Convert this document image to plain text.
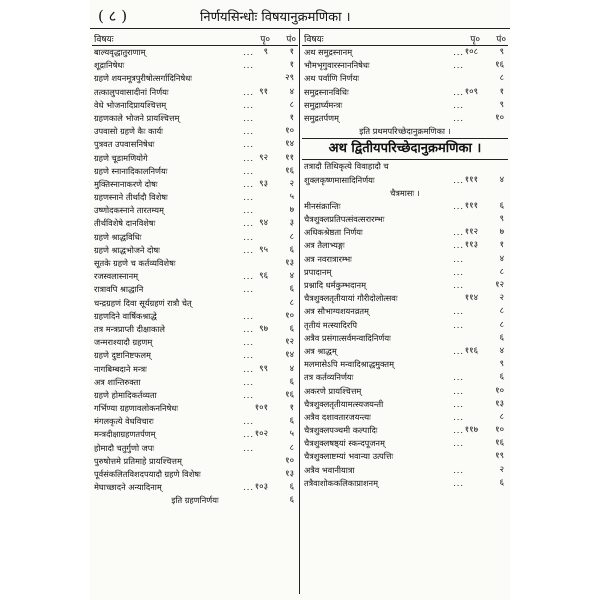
( ८ )	निर्णयसिन्धोः विषयानुक्रमणिका ।
विषयः	पृ० पं०
बाल्यवृद्धातुराणाम्	... ९	१
शूद्रानिषेधः	...	१
ग्रहणे शयनमूत्रपुरीषोत्सर्गादिनिषेधः	२९
तत्कालुपवासादीनां निर्णयः	... ९१	४
वेधे भोजनादिप्रायश्चित्तम्	...	८
ग्रहणकाले भोजने प्रायश्चित्तम्	...	१
उपवासो ग्रहणे कैः कार्यः	...	१०
पुत्रवत उपवासनिषेधः	...	१४
ग्रहणे चूडामणियोगे	... ९२ ११
ग्रहणे स्नानादिकालनिर्णयः	...	१६
मुक्तिस्नानाकरणे दोषः	... ९३	२
ग्रहणस्नाने तीर्थादौ विशेषः	...	५
उष्णोदकस्नाने तारतम्यम्	...	७
तीर्थविशेषे दानविशेषः	... ९४	३
ग्रहणे श्राद्धविधिः	...	८
ग्रहणे श्राद्धभोजने दोषः	... ९५	६
सूतके ग्रहणे च कर्तव्यविशेषः	१३
रजस्वलास्नानम्	... ९६	४
रात्रावपि श्राद्धानि	...	६
चन्द्रग्रहणं दिवा सूर्यग्रहणं रात्रौ चेत्	८
ग्रहणदिने वार्षिकश्राद्धे	...	१०
तत्र मन्त्रप्राप्ती दीक्षाकाले	... ९७	६
जन्मराश्यादौ ग्रहणम्	...	१२
ग्रहणे दुष्टानिष्टफलम्	...	१४
नागबिम्बदाने मन्त्रः	... ९९	४
अत्र शान्तिरुक्ता	...	६
ग्रहणे होमादिकर्तव्यता	...	१६
गर्भिण्या ग्रहणावलोकननिषेधः	१०१	१
मंगलकृत्ये वेधविचारः	...	६
मन्त्रदीक्षाग्रहणतर्पणम्	... १०२	५
होमादौ चतुर्गुणो जपः	...	८
पुरुषोत्तमे प्रतिमाहे प्रायश्चित्तम्	१०
पूर्वसंकलितविशदपयादौ ग्रहणे विशेषः	१३
मेघाच्छादने अन्यादिनाम्	... १०३	६
इति ग्रहणनिर्णयः	६
विषयः	पृ० पं०
अथ समुद्रस्नानम्	... १०८	९
भौमभृगुवारस्नाननिषेधः	...	१६
अथ पर्वाणि निर्णयः	८
समुद्रस्नानविधिः	... १०९	१
समुद्रार्घ्यमन्त्रः	...	९
समुद्रतर्पणम्	...	१०
इति प्रथमपरिच्छेदानुक्रमणिका ।
अथ द्वितीयपरिच्छेदानुक्रमणिका ।
तत्रादौ तिथिकृत्ये विवाहादौ च
शुक्लकृष्णमासादिनिर्णयः	... १११	४
चैत्रमासः ।
मीनसंक्रान्तिः	... १११	६
चैत्रशुक्लप्रतिपत्संवत्सरारम्भः	९
अधिकश्रेष्ठता निर्णयः	... ११२	७
अत्र तैलाभ्यङ्गः	... ११३	१
अत्र नवरात्रारम्भः	...	४
प्रपादानम्	...	८
प्रश्नादि धर्मकुम्भदानम्	...	१२
चैत्रशुक्लतृतीयायां गौरीदोलोत्सवः	११४	२
अत्र सौभाग्यशयनव्रतम्	...	८
तृतीयं मत्स्यादिरपि	...	८
अत्रैव प्रसंगात्सर्वमन्वादिनिर्णयः	६
अत्र श्राद्धम्	... ११६	४
मलमासेऽपि मन्वादिश्राद्धमुक्तम्	९
तत्र कर्तव्यनिर्णयः	...	६
अकरणे प्रायश्चित्तम्	...	१०
चैत्रशुक्लतृतीयामत्स्यजयन्ती	...	१३
अत्रैव दशावतारजयन्त्यः	...	८
चैत्रशुक्लपञ्चमी कल्पादिः	... ११७ १०
चैत्रशुक्लषष्ठ्यां स्कन्दपूजनम्	...	१६
चैत्रशुक्लाष्टम्यां भवान्या उत्पत्तिः	१९
अत्रैव भवानीयात्रा	...	२
तत्रैवाशोककलिकाप्राशनम्	...	६
